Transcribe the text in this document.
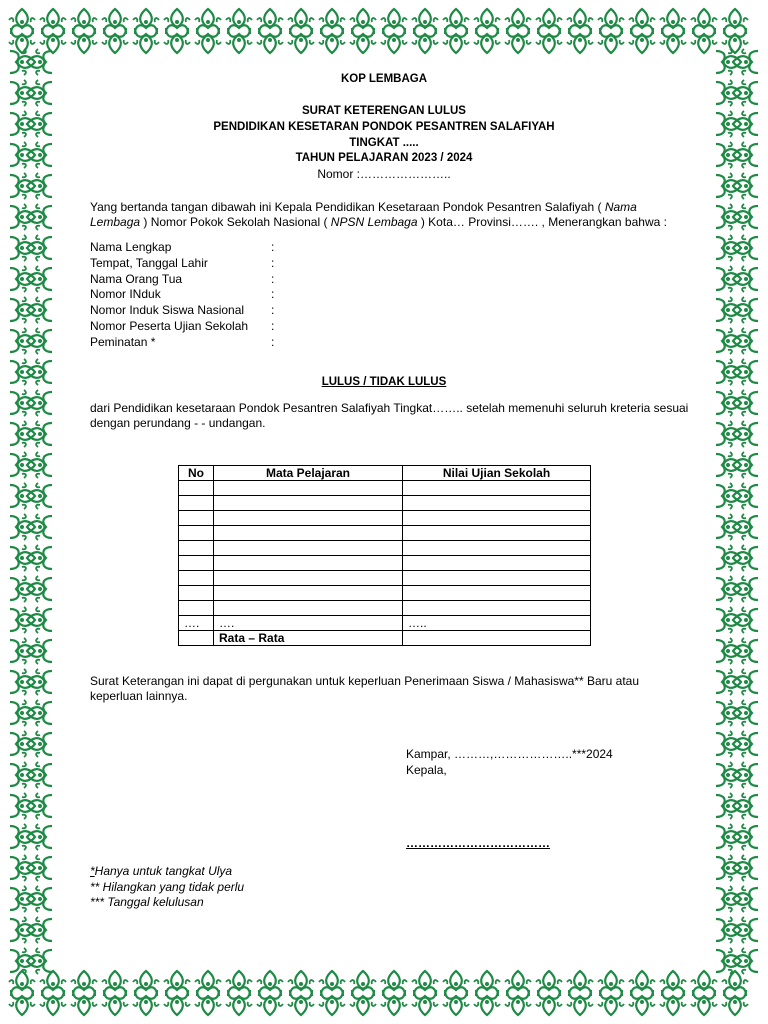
KOP LEMBAGA
SURAT KETERENGAN LULUS
PENDIDIKAN KESETARAN PONDOK PESANTREN SALAFIYAH
TINGKAT .....
TAHUN PELAJARAN 2023 / 2024
Nomor :…………………..
Yang bertanda tangan dibawah ini Kepala Pendidikan Kesetaraan Pondok Pesantren Salafiyah ( Nama Lembaga ) Nomor Pokok Sekolah Nasional ( NPSN Lembaga ) Kota… Provinsi……. , Menerangkan bahwa :
Nama Lengkap	:
Tempat, Tanggal Lahir	:
Nama Orang Tua	:
Nomor INduk	:
Nomor Induk Siswa Nasional :
Nomor Peserta Ujian Sekolah :
Peminatan *	:
LULUS / TIDAK LULUS
dari Pendidikan kesetaraan Pondok Pesantren Salafiyah Tingkat…….. setelah memenuhi seluruh kreteria sesuai dengan perundang - - undangan.
No	Mata Pelajaran	Nilai Ujian Sekolah

….	….	…..
	Rata – Rata	
Surat Keterangan ini dapat di pergunakan untuk keperluan Penerimaan Siswa / Mahasiswa** Baru atau keperluan lainnya.
Kampar, ………,………………..***2024
Kepala,
………………………………
*Hanya untuk tangkat Ulya
** Hilangkan yang tidak perlu
*** Tanggal kelulusan
